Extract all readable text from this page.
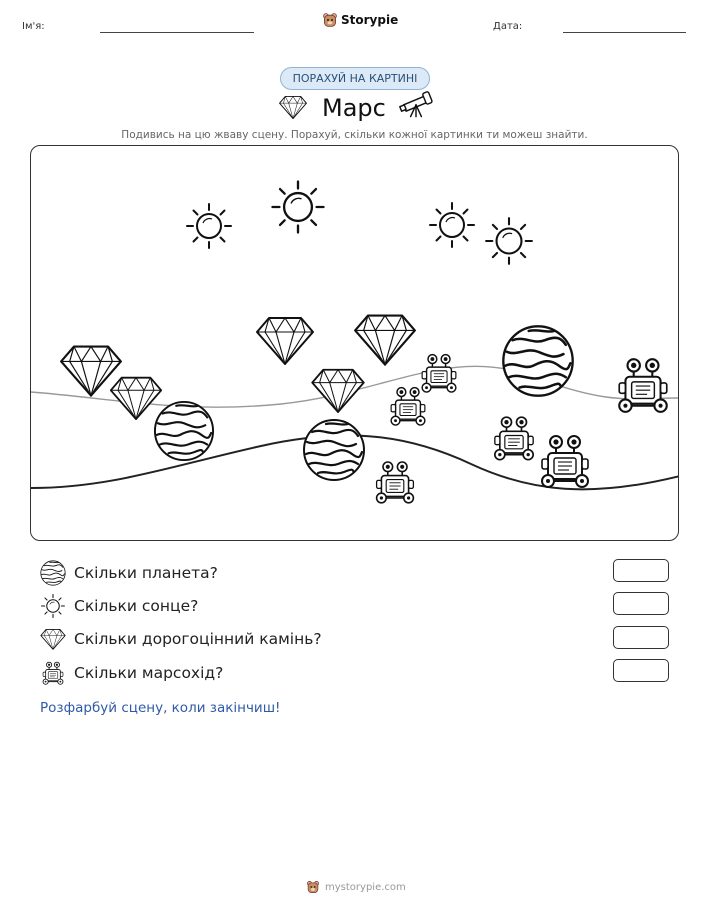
Ім'я:	Storypie	Дата:
ПОРАХУЙ НА КАРТИНІ
Марс
Подивись на цю жваву сцену. Порахуй, скільки кожної картинки ти можеш знайти.
Скільки планета?
Скільки сонце?
Скільки дорогоцінний камінь?
Скільки марсохід?
Розфарбуй сцену, коли закінчиш!
mystorypie.com
